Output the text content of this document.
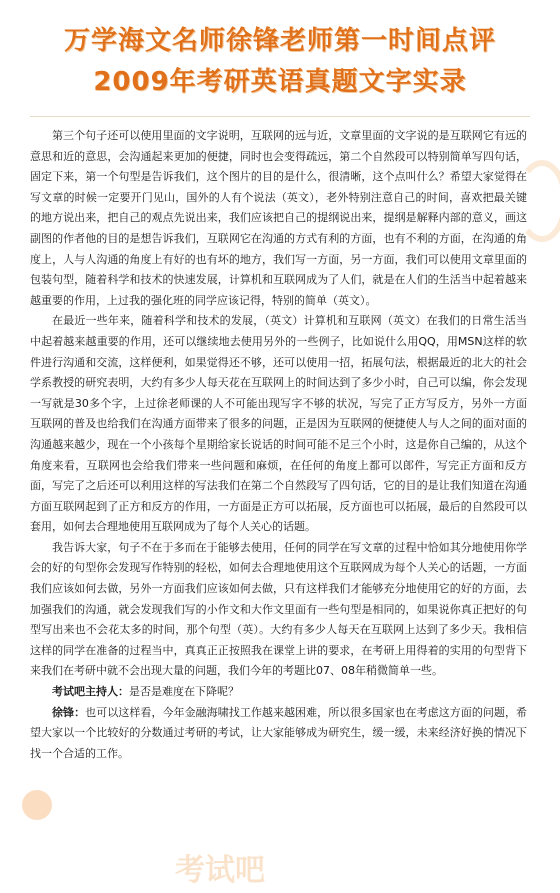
万学海文名师徐锋老师第一时间点评
2009年考研英语真题文字实录
考试吧

第三个句子还可以使用里面的文字说明，互联网的远与近，文章里面的文字说的是互联网它有远的意思和近的意思，会沟通起来更加的便捷，同时也会变得疏远，第二个自然段可以特别简单写四句话，固定下来，第一个句型是告诉我们，这个图片的目的是什么，很清晰，这个点叫什么？希望大家觉得在写文章的时候一定要开门见山，国外的人有个说法（英文），老外特别注意自己的时间，喜欢把最关键的地方说出来，把自己的观点先说出来，我们应该把自己的提纲说出来，提纲是解释内部的意义，画这副图的作者他的目的是想告诉我们，互联网它在沟通的方式有利的方面，也有不利的方面，在沟通的角度上，人与人沟通的角度上有好的也有坏的地方，我们写一方面，另一方面，我们可以使用文章里面的包装句型，随着科学和技术的快速发展，计算机和互联网成为了人们，就是在人们的生活当中起着越来越重要的作用，上过我的强化班的同学应该记得，特别的简单（英文）。

在最近一些年来，随着科学和技术的发展，（英文）计算机和互联网（英文）在我们的日常生活当中起着越来越重要的作用，还可以继续地去使用另外的一些例子，比如说什么用QQ，用MSN这样的软件进行沟通和交流，这样便利，如果觉得还不够，还可以使用一招，拓展句法，根据最近的北大的社会学系教授的研究表明，大约有多少人每天花在互联网上的时间达到了多少小时，自己可以编，你会发现一写就是30多个字，上过徐老师课的人不可能出现写字不够的状况，写完了正方写反方，另外一方面互联网的普及也给我们在沟通方面带来了很多的问题，正是因为互联网的便捷使人与人之间的面对面的沟通越来越少，现在一个小孩每个星期给家长说话的时间可能不足三个小时，这是你自己编的，从这个角度来看，互联网也会给我们带来一些问题和麻烦，在任何的角度上都可以郎件，写完正方面和反方面，写完了之后还可以利用这样的写法我们在第二个自然段写了四句话，它的目的是让我们知道在沟通方面互联网起到了正方和反方的作用，一方面是正方可以拓展，反方面也可以拓展，最后的自然段可以套用，如何去合理地使用互联网成为了每个人关心的话题。

我告诉大家，句子不在于多而在于能够去使用，任何的同学在写文章的过程中恰如其分地使用你学会的好的句型你会发现写作特别的轻松，如何去合理地使用这个互联网成为每个人关心的话题，一方面我们应该如何去做，另外一方面我们应该如何去做，只有这样我们才能够充分地使用它的好的方面，去加强我们的沟通，就会发现我们写的小作文和大作文里面有一些句型是相同的，如果说你真正把好的句型写出来也不会花太多的时间，那个句型（英）。大约有多少人每天在互联网上达到了多少天。我相信这样的同学在准备的过程当中，真真正正按照我在课堂上讲的要求，在考研上用得着的实用的句型背下来我们在考研中就不会出现大量的问题，我们今年的考题比07、08年稍微简单一些。

考试吧主持人：是否是难度在下降呢？

徐锋：也可以这样看，今年金融海啸找工作越来越困难，所以很多国家也在考虑这方面的问题，希望大家以一个比较好的分数通过考研的考试，让大家能够成为研究生，缓一缓，未来经济好换的情况下找一个合适的工作。
